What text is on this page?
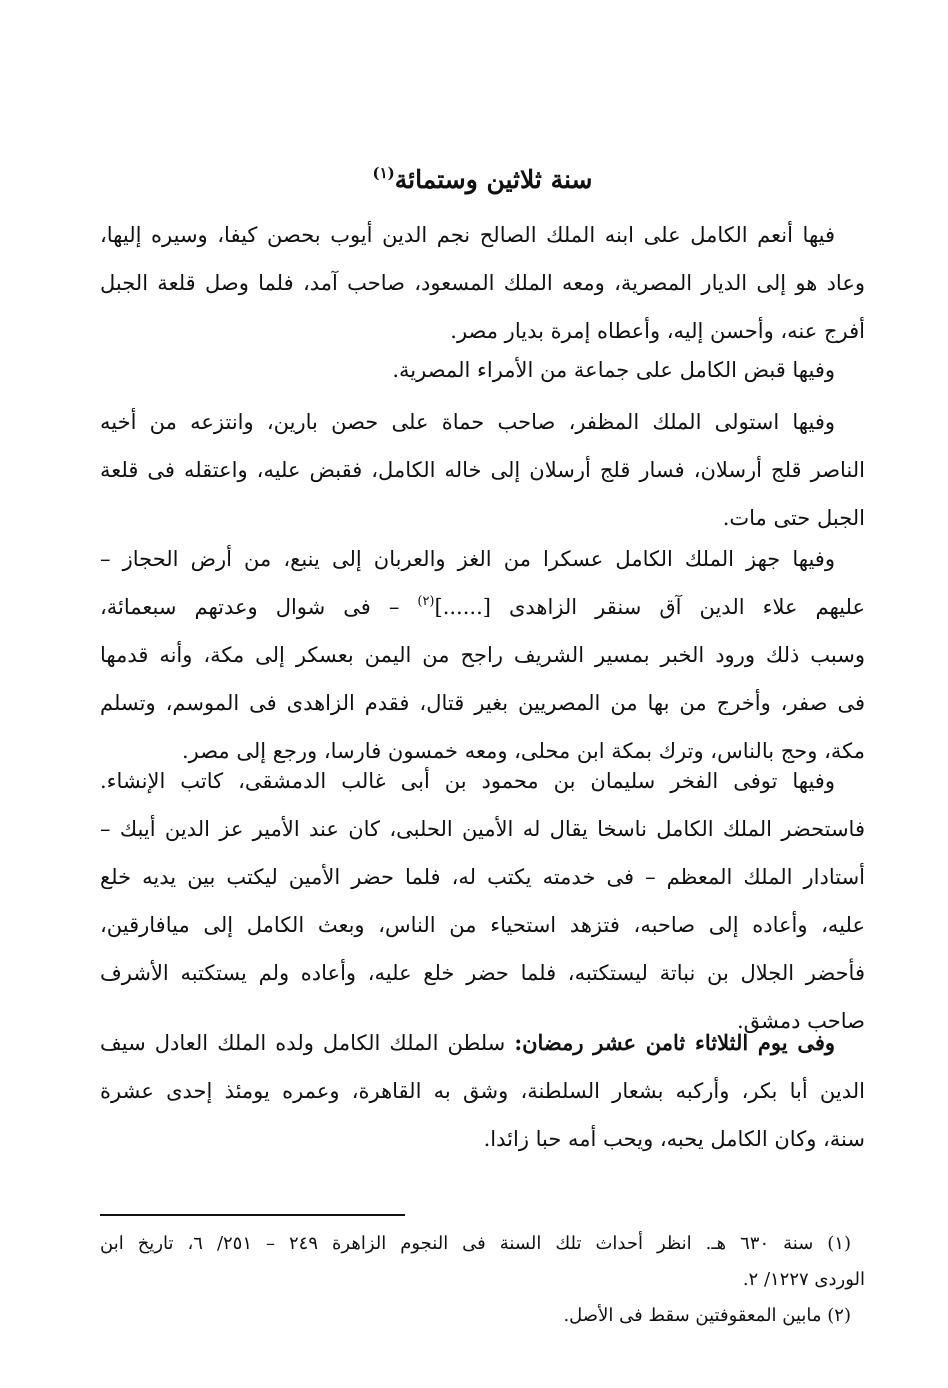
سنة ثلاثين وستمائة$^{(١)}$

فيها أنعم الكامل على ابنه الملك الصالح نجم الدين أيوب بحصن كيفا، وسيره إليها،
وعاد هو إلى الديار المصرية، ومعه الملك المسعود، صاحب آمد، فلما وصل قلعة الجبل
أفرج عنه، وأحسن إليه، وأعطاه إمرة بديار مصر.

وفيها قبض الكامل على جماعة من الأمراء المصرية.

وفيها استولى الملك المظفر، صاحب حماة على حصن بارين، وانتزعه من أخيه
الناصر قلج أرسلان، فسار قلج أرسلان إلى خاله الكامل، فقبض عليه، واعتقله فى قلعة
الجبل حتى مات.

وفيها جهز الملك الكامل عسكرا من الغز والعربان إلى ينبع، من أرض الحجاز –
عليهم علاء الدين آق سنقر الزاهدى [......]$^{(٢)}$ – فى شوال وعدتهم سبعمائة،
وسبب ذلك ورود الخبر بمسير الشريف راجح من اليمن بعسكر إلى مكة، وأنه قدمها
فى صفر، وأخرج من بها من المصريين بغير قتال، فقدم الزاهدى فى الموسم، وتسلم
مكة، وحج بالناس، وترك بمكة ابن محلى، ومعه خمسون فارسا، ورجع إلى مصر.

وفيها توفى الفخر سليمان بن محمود بن أبى غالب الدمشقى، كاتب الإنشاء.
فاستحضر الملك الكامل ناسخا يقال له الأمين الحلبى، كان عند الأمير عز الدين أيبك –
أستادار الملك المعظم – فى خدمته يكتب له، فلما حضر الأمين ليكتب بين يديه خلع
عليه، وأعاده إلى صاحبه، فتزهد استحياء من الناس، وبعث الكامل إلى ميافارقين،
فأحضر الجلال بن نباتة ليستكتبه، فلما حضر خلع عليه، وأعاده ولم يستكتبه الأشرف
صاحب دمشق.

وفى يوم الثلاثاء ثامن عشر رمضان: سلطن الملك الكامل ولده الملك العادل سيف
الدين أبا بكر، وأركبه بشعار السلطنة، وشق به القاهرة، وعمره يومئذ إحدى عشرة
سنة، وكان الكامل يحبه، ويحب أمه حبا زائدا.

(١) سنة ٦٣٠ هـ. انظر أحداث تلك السنة فى النجوم الزاهرة ٢٤٩ – ٢٥١/ ٦، تاريخ ابن
الوردى ١٢٢٧/ ٢.
(٢) مابين المعقوفتين سقط فى الأصل.
